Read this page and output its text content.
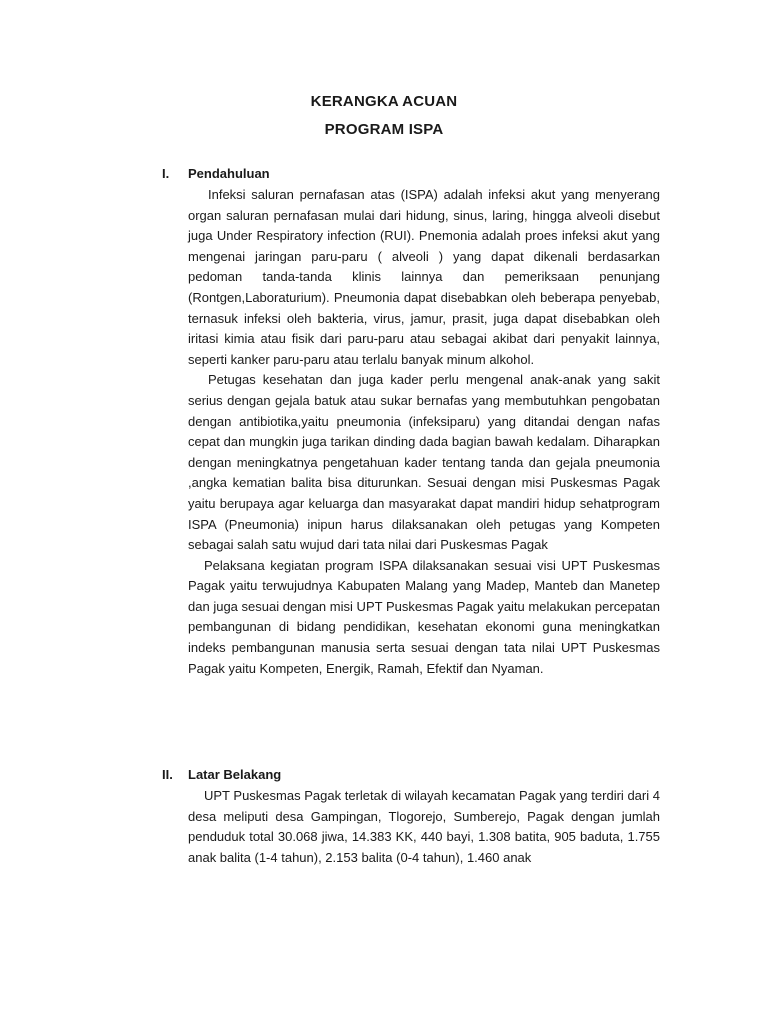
KERANGKA ACUAN
PROGRAM ISPA
I. Pendahuluan

Infeksi saluran pernafasan atas (ISPA) adalah infeksi akut yang menyerang organ saluran pernafasan mulai dari hidung, sinus, laring, hingga alveoli disebut juga Under Respiratory infection (RUI). Pnemonia adalah proes infeksi akut yang mengenai jaringan paru-paru ( alveoli ) yang dapat dikenali berdasarkan pedoman tanda-tanda klinis lainnya dan pemeriksaan penunjang (Rontgen,Laboraturium). Pneumonia dapat disebabkan oleh beberapa penyebab, ternasuk infeksi oleh bakteria, virus, jamur, prasit, juga dapat disebabkan oleh iritasi kimia atau fisik dari paru-paru atau sebagai akibat dari penyakit lainnya, seperti kanker paru-paru atau terlalu banyak minum alkohol.

Petugas kesehatan dan juga kader perlu mengenal anak-anak yang sakit serius dengan gejala batuk atau sukar bernafas yang membutuhkan pengobatan dengan antibiotika,yaitu pneumonia (infeksiparu) yang ditandai dengan nafas cepat dan mungkin juga tarikan dinding dada bagian bawah kedalam. Diharapkan dengan meningkatnya pengetahuan kader tentang tanda dan gejala pneumonia ,angka kematian balita bisa diturunkan. Sesuai dengan misi Puskesmas Pagak yaitu berupaya agar keluarga dan masyarakat dapat mandiri hidup sehatprogram ISPA (Pneumonia) inipun harus dilaksanakan oleh petugas yang Kompeten sebagai salah satu wujud dari tata nilai dari Puskesmas Pagak

Pelaksana kegiatan program ISPA dilaksanakan sesuai visi UPT Puskesmas Pagak yaitu terwujudnya Kabupaten Malang yang Madep, Manteb dan Manetep dan juga sesuai dengan misi UPT Puskesmas Pagak yaitu melakukan percepatan pembangunan di bidang pendidikan, kesehatan ekonomi guna meningkatkan indeks pembangunan manusia serta sesuai dengan tata nilai UPT Puskesmas Pagak yaitu Kompeten, Energik, Ramah, Efektif dan Nyaman.

II. Latar Belakang

UPT Puskesmas Pagak terletak di wilayah kecamatan Pagak yang terdiri dari 4 desa meliputi desa Gampingan, Tlogorejo, Sumberejo, Pagak dengan jumlah penduduk total 30.068 jiwa, 14.383 KK, 440 bayi, 1.308 batita, 905 baduta, 1.755 anak balita (1-4 tahun), 2.153 balita (0-4 tahun), 1.460 anak
